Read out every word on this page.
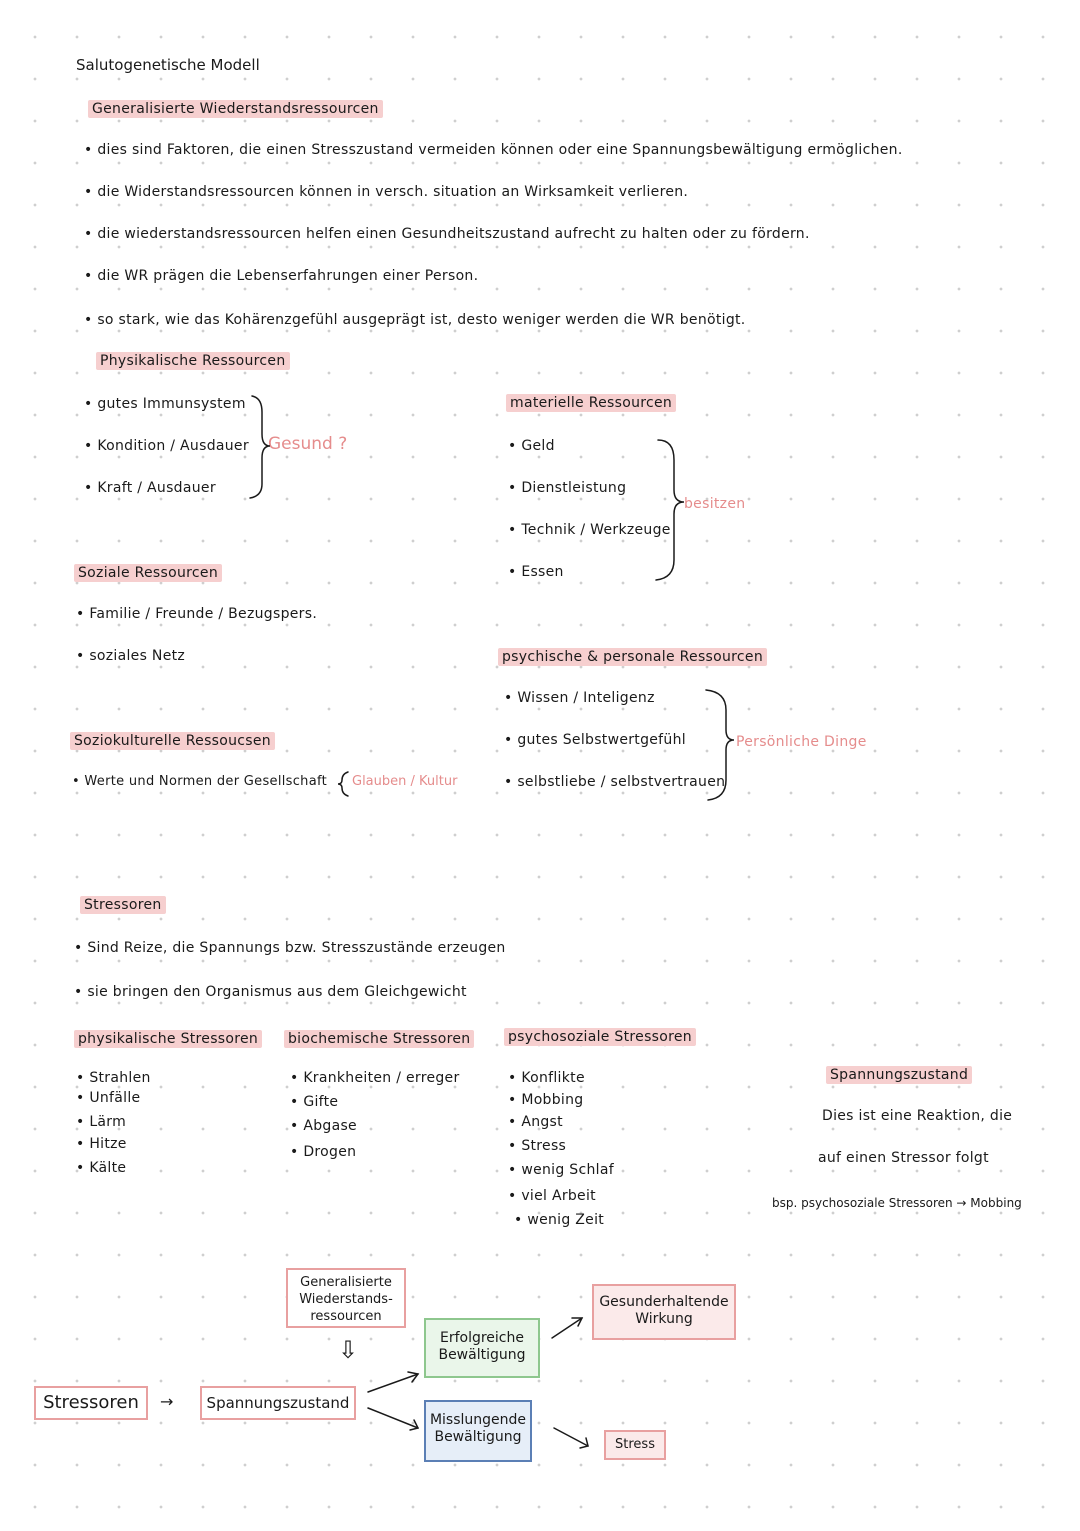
Salutogenetische Modell
Generalisierte Wiederstandsressourcen
• dies sind Faktoren, die einen Stresszustand vermeiden können oder eine Spannungsbewältigung ermöglichen.
• die Widerstandsressourcen können in versch. situation an Wirksamkeit verlieren.
• die wiederstandsressourcen helfen einen Gesundheitszustand aufrecht zu halten oder zu fördern.
• die WR prägen die Lebenserfahrungen einer Person.
• so stark, wie das Kohärenzgefühl ausgeprägt ist, desto weniger werden die WR benötigt.
Physikalische Ressourcen
• gutes Immunsystem
• Kondition / Ausdauer
• Kraft / Ausdauer
Gesund ?
materielle Ressourcen
• Geld
• Dienstleistung
• Technik / Werkzeuge
• Essen
besitzen
Soziale Ressourcen
• Familie / Freunde / Bezugspers.
• soziales Netz	psychische & personale Ressourcen
• Wissen / Inteligenz
• gutes Selbstwertgefühl
• selbstliebe / selbstvertrauen
Persönliche Dinge
Soziokulturelle Ressoucsen
• Werte und Normen der Gesellschaft Glauben / Kultur
Stressoren
• Sind Reize, die Spannungs bzw. Stresszustände erzeugen
• sie bringen den Organismus aus dem Gleichgewicht
physikalische Stressoren
• Strahlen
• Unfälle
• Lärm
• Hitze
• Kälte
biochemische Stressoren
• Krankheiten / erreger
• Gifte
• Abgase
• Drogen
psychosoziale Stressoren
• Konflikte
• Mobbing
• Angst
• Stress
• wenig Schlaf
• viel Arbeit
• wenig Zeit
Spannungszustand
Dies ist eine Reaktion, die
auf einen Stressor folgt
bsp. psychosoziale Stressoren → Mobbing
Stressoren	→	Spannungszustand
Generalisierte Wiederstands-ressourcen
⇩	Erfolgreiche Bewältigung
Misslungende Bewältigung
Gesunderhaltende Wirkung
Stress
